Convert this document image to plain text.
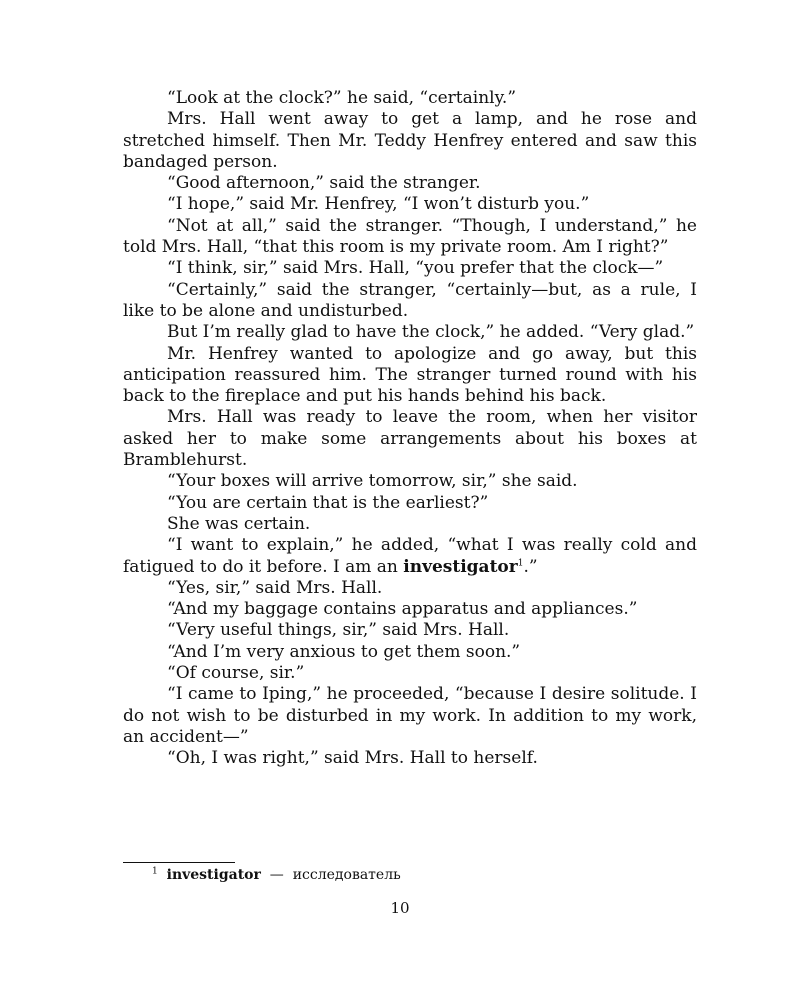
“Look at the clock?” he said, “certainly.”

Mrs. Hall went away to get a lamp, and he rose and stretched himself. Then Mr. Teddy Henfrey entered and saw this bandaged person.

“Good afternoon,” said the stranger.

“I hope,” said Mr. Henfrey, “I won’t disturb you.”

“Not at all,” said the stranger. “Though, I understand,” he told Mrs. Hall, “that this room is my private room. Am I right?”

“I think, sir,” said Mrs. Hall, “you prefer that the clock—”

“Certainly,” said the stranger, “certainly—but, as a rule, I like to be alone and undisturbed.

But I’m really glad to have the clock,” he added. “Very glad.”

Mr. Henfrey wanted to apologize and go away, but this anticipation reassured him. The stranger turned round with his back to the fireplace and put his hands behind his back.

Mrs. Hall was ready to leave the room, when her visitor asked her to make some arrangements about his boxes at Bramblehurst.

“Your boxes will arrive tomorrow, sir,” she said.

“You are certain that is the earliest?”

She was certain.

“I want to explain,” he added, “what I was really cold and fatigued to do it before. I am an investigator$^1$.”

“Yes, sir,” said Mrs. Hall.

“And my baggage contains apparatus and appliances.”

“Very useful things, sir,” said Mrs. Hall.

“And I’m very anxious to get them soon.”

“Of course, sir.”

“I came to Iping,” he proceeded, “because I desire solitude. I do not wish to be disturbed in my work. In addition to my work, an accident—”

“Oh, I was right,” said Mrs. Hall to herself.

$^1$ investigator — исследователь
10
